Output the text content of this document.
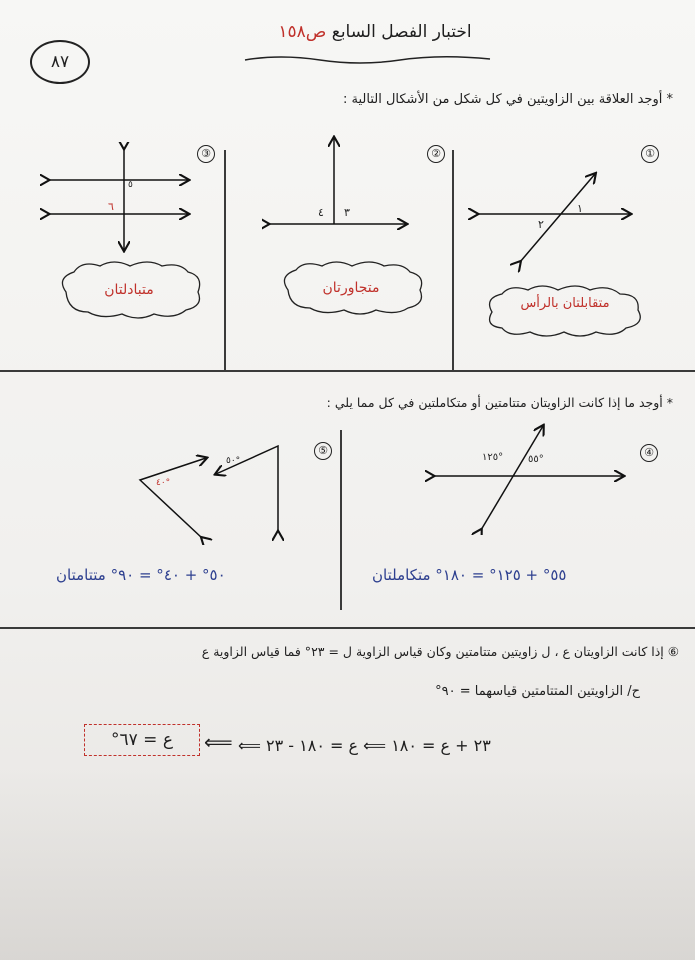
٨٧
اختبار الفصل السابع ص١٥٨
* أوجد العلاقة بين الزاويتين في كل شكل من الأشكال التالية :
①
②
③
١
٢
٤ ٣
٥
٦
متقابلتان بالرأس
متجاورتان
متبادلتان
* أوجد ما إذا كانت الزاويتان متتامتين أو متكاملتين في كل مما يلي :
④
⑤
١٢٥° ٥٥°
٥٠°
٤٠°
٥٥° + ١٢٥° = ١٨٠° متكاملتان
٥٠° + ٤٠° = ٩٠° متتامتان
⑥ إذا كانت الزاويتان ع ، ل زاويتين متتامتين وكان قياس الزاوية ل = ٢٣° فما قياس الزاوية ع
ح/ الزاويتين المتتامتين قياسهما = ٩٠°
٢٣ + ع = ١٨٠ ⟸ ع = ١٨٠ - ٢٣ ⟸
⟸
ع = ٦٧°
